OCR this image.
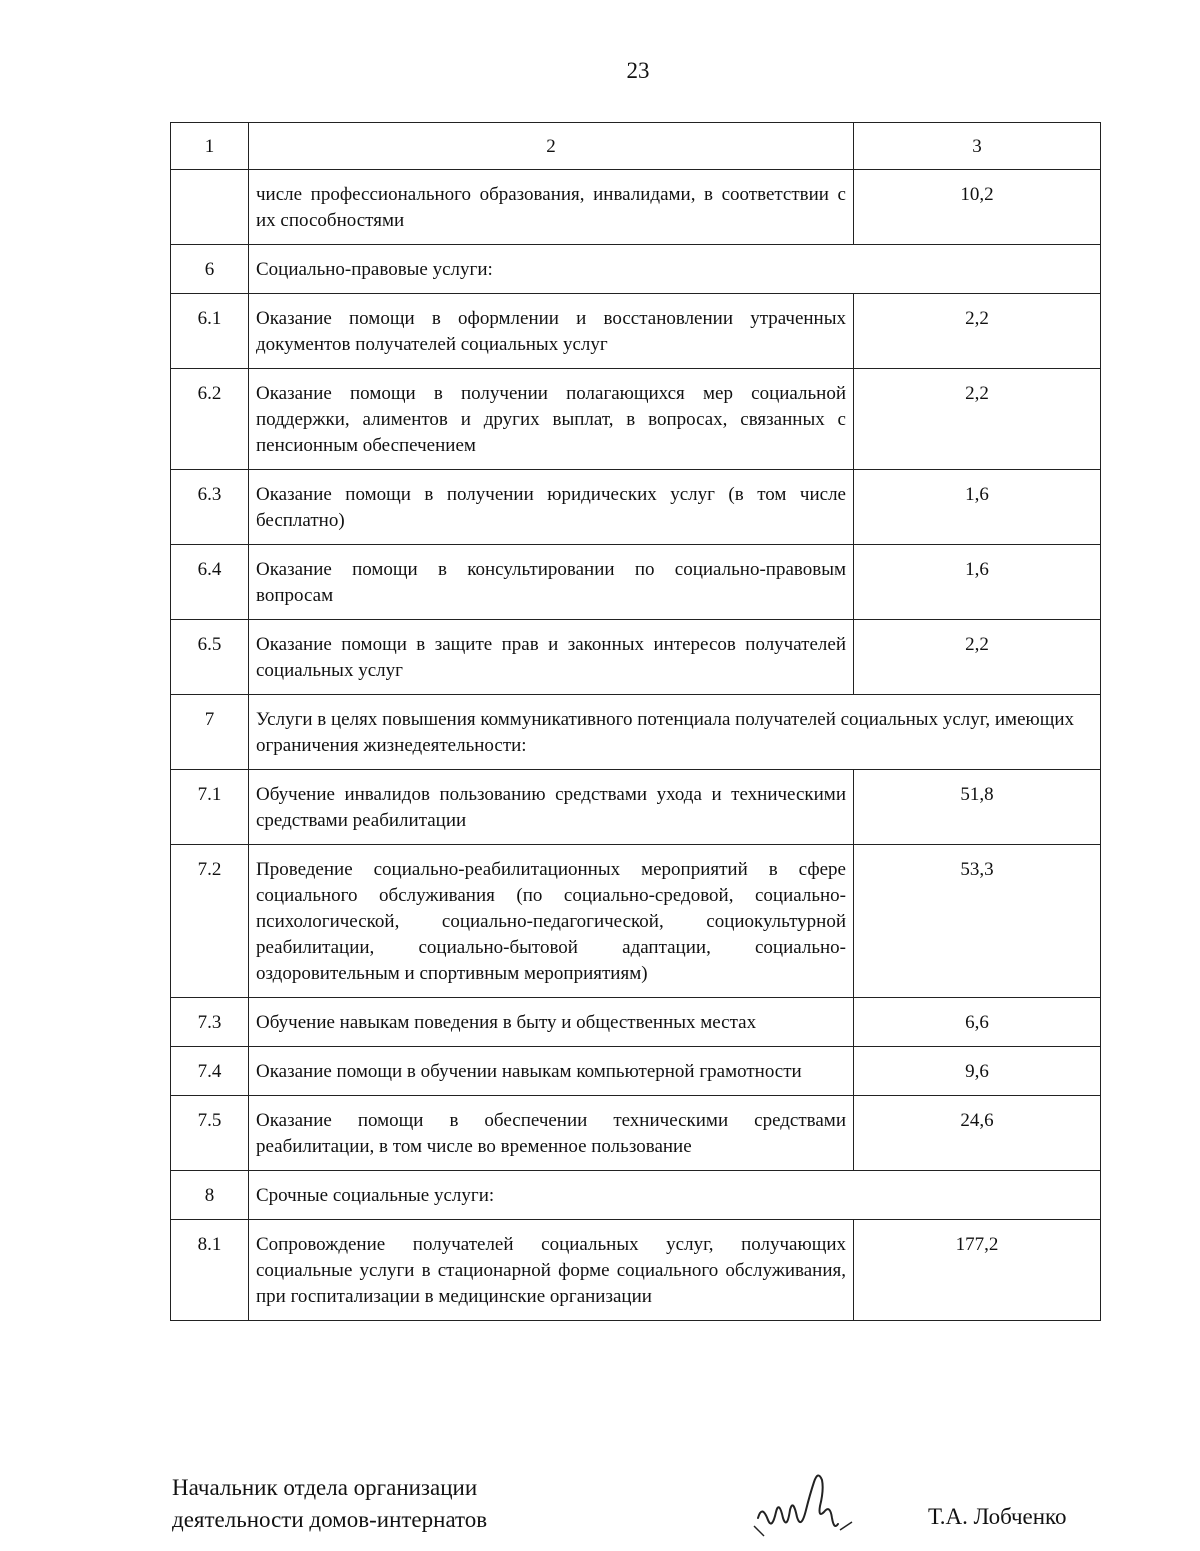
23
1	2	3
	числе профессионального образования, инвалидами, в соответствии с их способностями	10,2
6	Социально-правовые услуги:	
6.1	Оказание помощи в оформлении и восстановлении утраченных документов получателей социальных услуг	2,2
6.2	Оказание помощи в получении полагающихся мер социальной поддержки, алиментов и других выплат, в вопросах, связанных с пенсионным обеспечением	2,2
6.3	Оказание помощи в получении юридических услуг (в том числе бесплатно)	1,6
6.4	Оказание помощи в консультировании по социально-правовым вопросам	1,6
6.5	Оказание помощи в защите прав и законных интересов получателей социальных услуг	2,2
7	Услуги в целях повышения коммуникативного потенциала получателей социальных услуг, имеющих ограничения жизнедеятельности:	
7.1	Обучение инвалидов пользованию средствами ухода и техническими средствами реабилитации	51,8
7.2	Проведение социально-реабилитационных мероприятий в сфере социального обслуживания (по социально-средовой, социально-психологической, социально-педагогической, социокультурной реабилитации, социально-бытовой адаптации, социально-оздоровительным и спортивным мероприятиям)	53,3
7.3	Обучение навыкам поведения в быту и общественных местах	6,6
7.4	Оказание помощи в обучении навыкам компьютерной грамотности	9,6
7.5	Оказание помощи в обеспечении техническими средствами реабилитации, в том числе во временное пользование	24,6
8	Срочные социальные услуги:	
8.1	Сопровождение получателей социальных услуг, получающих социальные услуги в стационарной форме социального обслуживания, при госпитализации в медицинские организации	177,2
Начальник отдела организации
деятельности домов-интернатов	Т.А. Лобченко
